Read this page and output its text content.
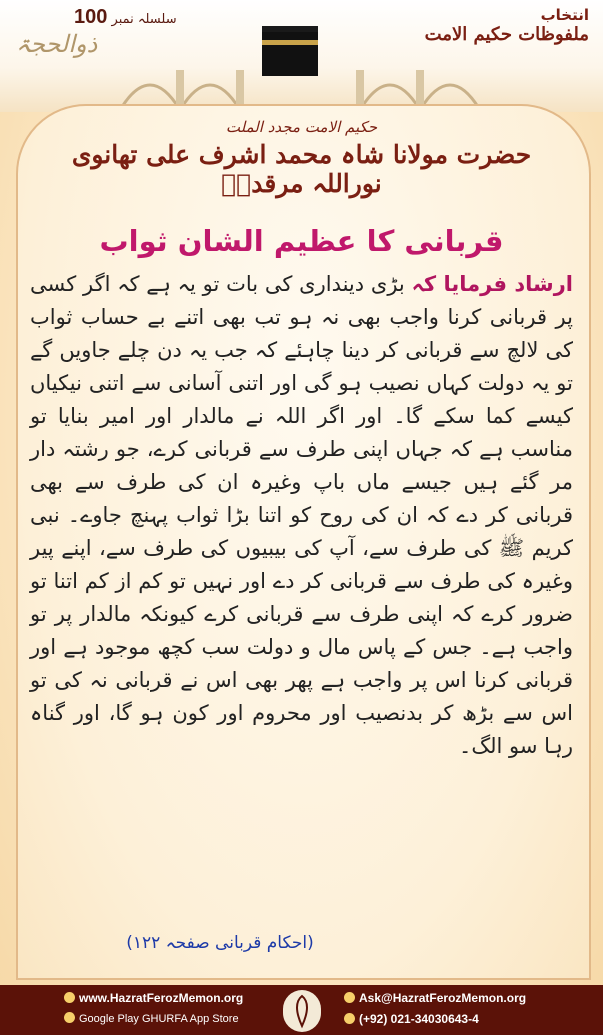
سلسلہ نمبر 100
ذوالحجۃ
انتخاب
ملفوظات حکیم الامت
حکیم الامت مجدد الملت
حضرت مولانا شاہ محمد اشرف علی تھانوی نوراللہ مرقدہٗ
قربانی کا عظیم الشان ثواب
ارشاد فرمایا کہ بڑی دینداری کی بات تو یہ ہے کہ اگر کسی پر قربانی کرنا واجب بھی نہ ہو تب بھی اتنے بے حساب ثواب کی لالچ سے قربانی کر دینا چاہئے کہ جب یہ دن چلے جاویں گے تو یہ دولت کہاں نصیب ہو گی اور اتنی آسانی سے اتنی نیکیاں کیسے کما سکے گا۔ اور اگر اللہ نے مالدار اور امیر بنایا تو مناسب ہے کہ جہاں اپنی طرف سے قربانی کرے، جو رشتہ دار مر گئے ہیں جیسے ماں باپ وغیرہ ان کی طرف سے بھی قربانی کر دے کہ ان کی روح کو اتنا بڑا ثواب پہنچ جاوے۔ نبی کریم ﷺ کی طرف سے، آپ کی بیبیوں کی طرف سے، اپنے پیر وغیرہ کی طرف سے قربانی کر دے اور نہیں تو کم از کم اتنا تو ضرور کرے کہ اپنی طرف سے قربانی کرے کیونکہ مالدار پر تو واجب ہے۔ جس کے پاس مال و دولت سب کچھ موجود ہے اور قربانی کرنا اس پر واجب ہے پھر بھی اس نے قربانی نہ کی تو اس سے بڑھ کر بدنصیب اور محروم اور کون ہو گا، اور گناہ رہا سو الگ۔
(احکام قربانی صفحہ ۱۲۲)
www.HazratFerozMemon.org
Google Play GHURFA App Store
Ask@HazratFerozMemon.org
(+92) 021-34030643-4
